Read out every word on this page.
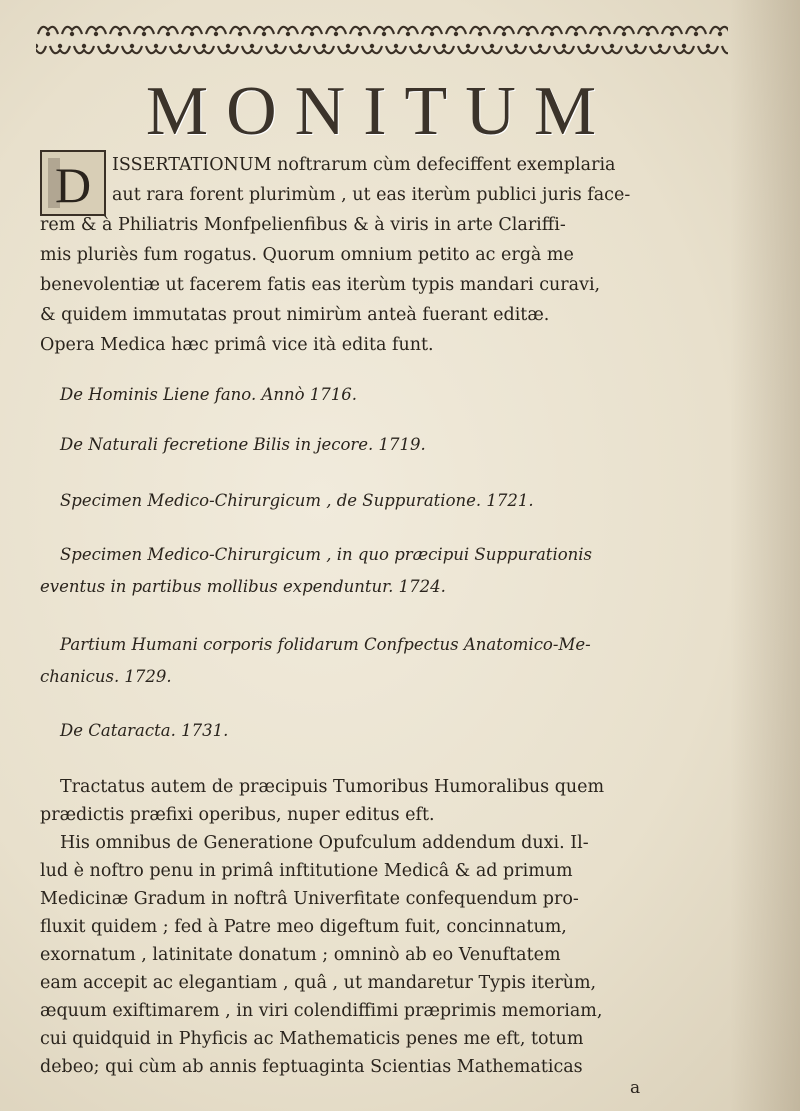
MONITUM
D ISSERTATIONUM noftrarum cùm defeciffent exemplaria
aut rara forent plurimùm , ut eas iterùm publici juris face-
rem & à Philiatris Monfpelienfibus & à viris in arte Clariffi-
mis pluriès fum rogatus. Quorum omnium petito ac ergà me
benevolentiæ ut facerem fatis eas iterùm typis mandari curavi,
& quidem immutatas prout nimirùm anteà fuerant editæ.
Opera Medica hæc primâ vice ità edita funt.
De Hominis Liene fano. Annò 1716.
De Naturali fecretione Bilis in jecore. 1719.
Specimen Medico-Chirurgicum , de Suppuratione. 1721.
Specimen Medico-Chirurgicum , in quo præcipui Suppurationis
eventus in partibus mollibus expenduntur. 1724.
Partium Humani corporis folidarum Confpectus Anatomico-Me-
chanicus. 1729.
De Cataracta. 1731.
Tractatus autem de præcipuis Tumoribus Humoralibus quem
prædictis præfixi operibus, nuper editus eft.
His omnibus de Generatione Opufculum addendum duxi. Il-
lud è noftro penu in primâ inftitutione Medicâ & ad primum
Medicinæ Gradum in noftrâ Univerfitate confequendum pro-
fluxit quidem ; fed à Patre meo digeftum fuit, concinnatum,
exornatum , latinitate donatum ; omninò ab eo Venuftatem
eam accepit ac elegantiam , quâ , ut mandaretur Typis iterùm,
æquum exiftimarem , in viri colendiffimi præprimis memoriam,
cui quidquid in Phyficis ac Mathematicis penes me eft, totum
debeo; qui cùm ab annis feptuaginta Scientias Mathematicas
a
